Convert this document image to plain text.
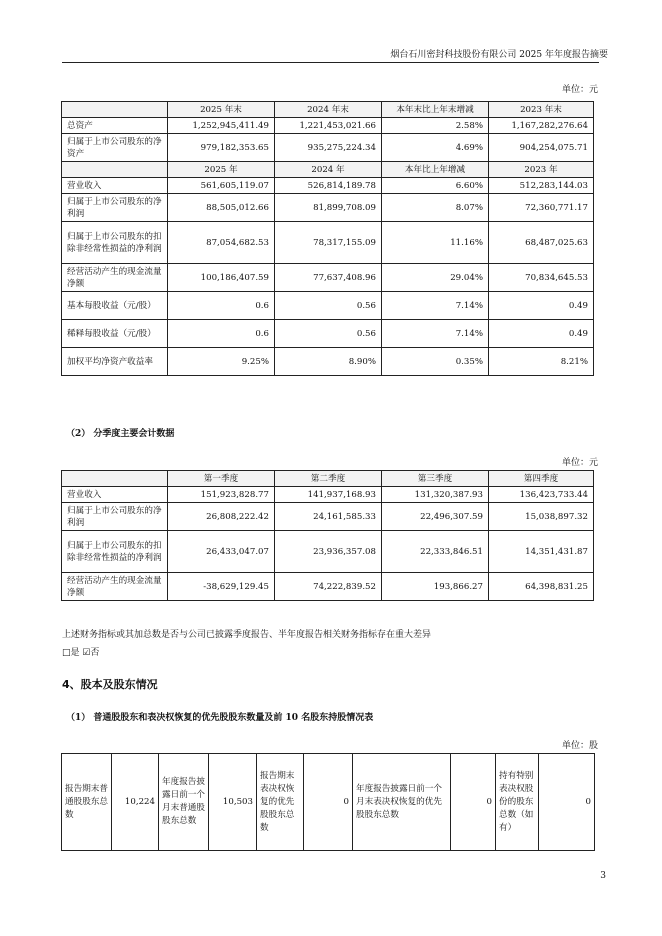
烟台石川密封科技股份有限公司 2025 年年度报告摘要
单位：元
	2025 年末	2024 年末	本年末比上年末增减	2023 年末
总资产	1,252,945,411.49	1,221,453,021.66	2.58%	1,167,282,276.64
归属于上市公司股东的净资产	979,182,353.65	935,275,224.34	4.69%	904,254,075.71
	2025 年	2024 年	本年比上年增减	2023 年
营业收入	561,605,119.07	526,814,189.78	6.60%	512,283,144.03
归属于上市公司股东的净利润	88,505,012.66	81,899,708.09	8.07%	72,360,771.17
归属于上市公司股东的扣除非经常性损益的净利润	87,054,682.53	78,317,155.09	11.16%	68,487,025.63
经营活动产生的现金流量净额	100,186,407.59	77,637,408.96	29.04%	70,834,645.53
基本每股收益（元/股）	0.6	0.56	7.14%	0.49
稀释每股收益（元/股）	0.6	0.56	7.14%	0.49
加权平均净资产收益率	9.25%	8.90%	0.35%	8.21%
（2） 分季度主要会计数据
单位：元
	第一季度	第二季度	第三季度	第四季度
营业收入	151,923,828.77	141,937,168.93	131,320,387.93	136,423,733.44
归属于上市公司股东的净利润	26,808,222.42	24,161,585.33	22,496,307.59	15,038,897.32
归属于上市公司股东的扣除非经常性损益的净利润	26,433,047.07	23,936,357.08	22,333,846.51	14,351,431.87
经营活动产生的现金流量净额	-38,629,129.45	74,222,839.52	193,866.27	64,398,831.25
上述财务指标或其加总数是否与公司已披露季度报告、半年度报告相关财务指标存在重大差异
□是 ☑否
4、股本及股东情况
（1） 普通股股东和表决权恢复的优先股股东数量及前 10 名股东持股情况表
单位：股
报告期末普通股股东总数	10,224	年度报告披露日前一个月末普通股股东总数	10,503	报告期末表决权恢复的优先股股东总数	0	年度报告披露日前一个月末表决权恢复的优先股股东总数	0	持有特别表决权股份的股东总数（如有）	0
3
